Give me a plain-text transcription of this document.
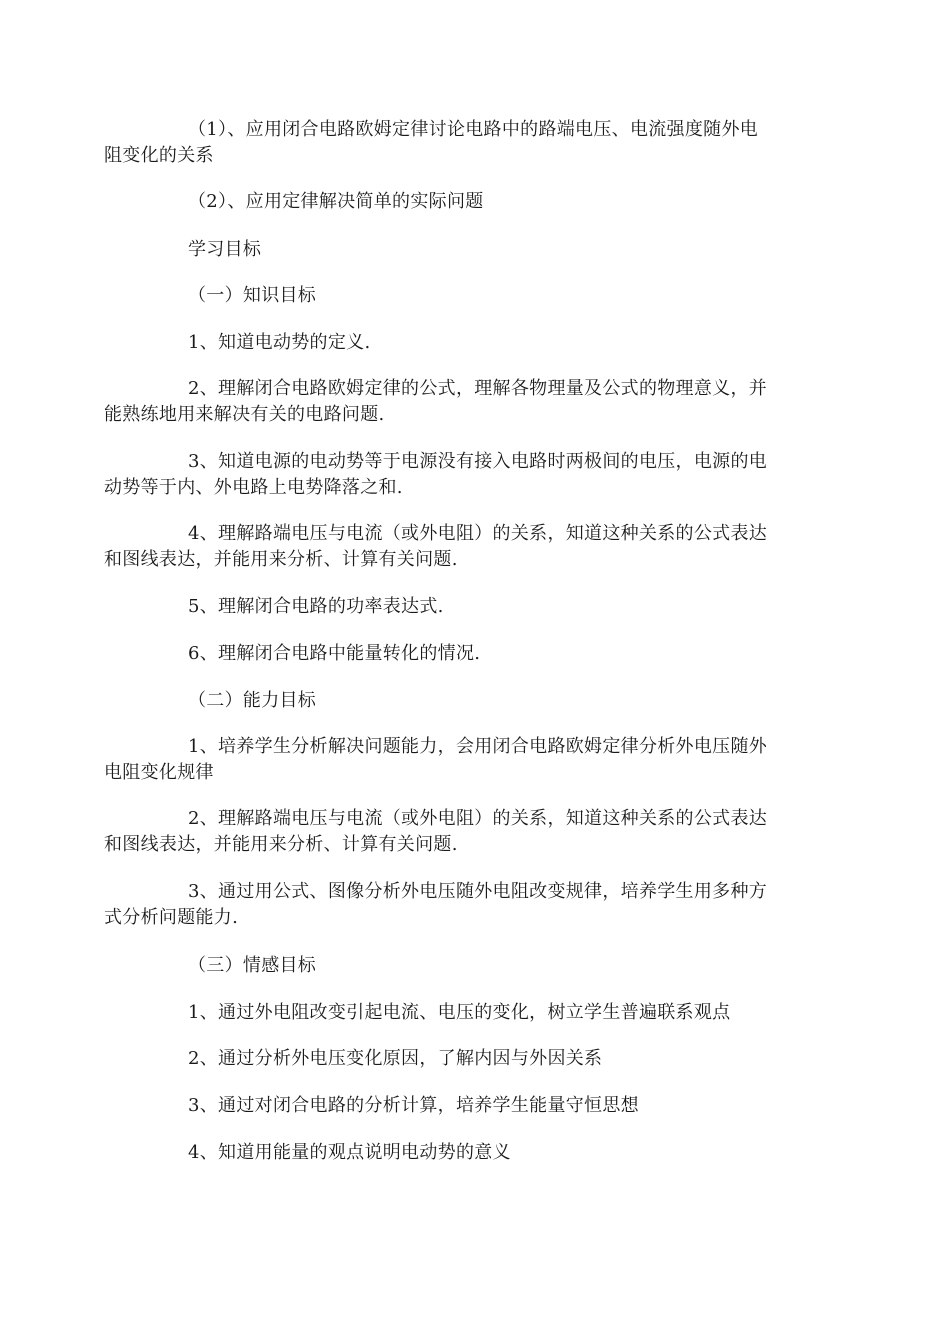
（1）、应用闭合电路欧姆定律讨论电路中的路端电压、电流强度随外电
阻变化的关系
（2）、应用定律解决简单的实际问题
学习目标
（一）知识目标
1、知道电动势的定义.
2、理解闭合电路欧姆定律的公式，理解各物理量及公式的物理意义，并
能熟练地用来解决有关的电路问题.
3、知道电源的电动势等于电源没有接入电路时两极间的电压，电源的电
动势等于内、外电路上电势降落之和.
4、理解路端电压与电流（或外电阻）的关系，知道这种关系的公式表达
和图线表达，并能用来分析、计算有关问题.
5、理解闭合电路的功率表达式.
6、理解闭合电路中能量转化的情况.
（二）能力目标
1、培养学生分析解决问题能力，会用闭合电路欧姆定律分析外电压随外
电阻变化规律
2、理解路端电压与电流（或外电阻）的关系，知道这种关系的公式表达
和图线表达，并能用来分析、计算有关问题.
3、通过用公式、图像分析外电压随外电阻改变规律，培养学生用多种方
式分析问题能力.
（三）情感目标
1、通过外电阻改变引起电流、电压的变化，树立学生普遍联系观点
2、通过分析外电压变化原因，了解内因与外因关系
3、通过对闭合电路的分析计算，培养学生能量守恒思想
4、知道用能量的观点说明电动势的意义
